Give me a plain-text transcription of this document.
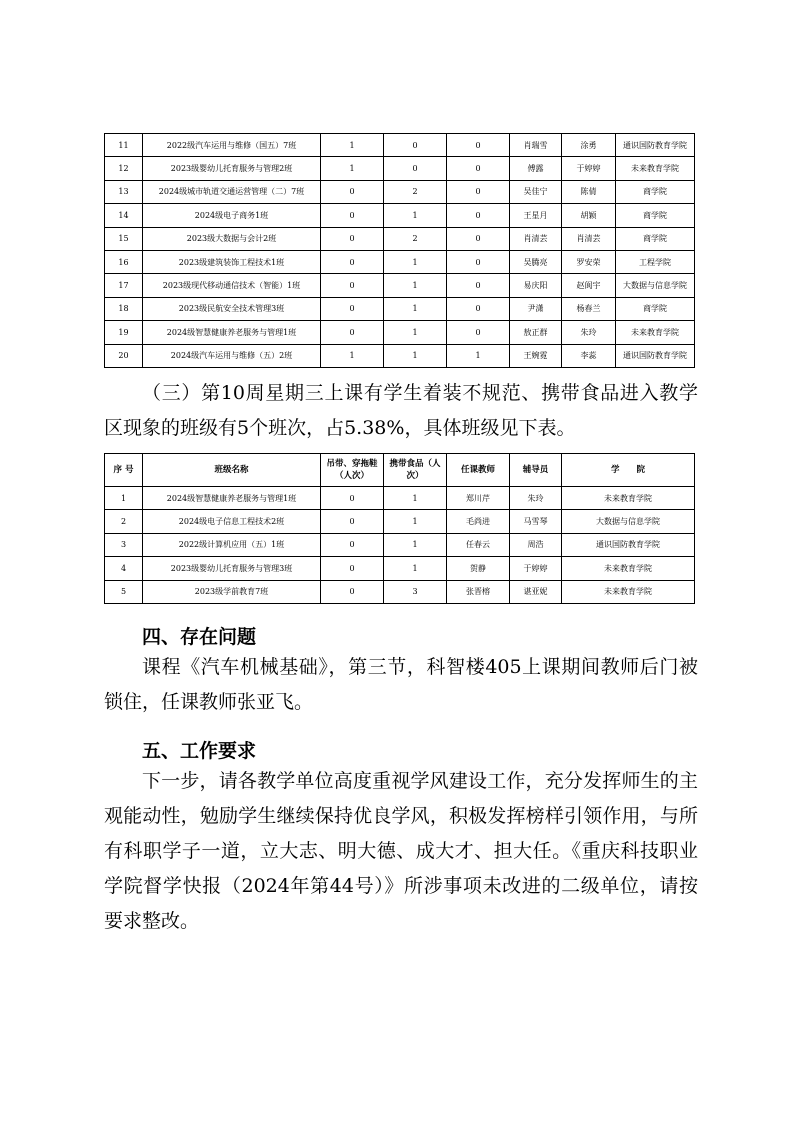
11	2022级汽车运用与维修（国五）7班	1	0	0	肖瑞雪	涂勇	通识国防教育学院
12	2023级婴幼儿托育服务与管理2班	1	0	0	傅露	于婷婷	未来教育学院
13	2024级城市轨道交通运营管理（二）7班	0	2	0	吴佳宁	陈倩	商学院
14	2024级电子商务1班	0	1	0	王星月	胡颖	商学院
15	2023级大数据与会计2班	0	2	0	肖清芸	肖清芸	商学院
16	2023级建筑装饰工程技术1班	0	1	0	吴腾亮	罗安荣	工程学院
17	2023级现代移动通信技术（智能）1班	0	1	0	易庆阳	赵阆宇	大数据与信息学院
18	2023级民航安全技术管理3班	0	1	0	尹潇	杨春兰	商学院
19	2024级智慧健康养老服务与管理1班	0	1	0	敖正群	朱玲	未来教育学院
20	2024级汽车运用与维修（五）2班	1	1	1	王婉霓	李蕊	通识国防教育学院

（三）第10周星期三上课有学生着装不规范、携带食品进入教学区现象的班级有5个班次，占5.38%，具体班级见下表。

序 号	班级名称	吊带、穿拖鞋（人次）	携带食品（人次）	任课教师	辅导员	学　　院
1	2024级智慧健康养老服务与管理1班	0	1	郑川芹	朱玲	未来教育学院
2	2024级电子信息工程技术2班	0	1	毛尚进	马雪琴	大数据与信息学院
3	2022级计算机应用（五）1班	0	1	任春云	周浩	通识国防教育学院
4	2023级婴幼儿托育服务与管理3班	0	1	贺静	于婷婷	未来教育学院
5	2023级学前教育7班	0	3	张晋榕	谌亚妮	未来教育学院

四、存在问题

课程《汽车机械基础》，第三节，科智楼405上课期间教师后门被锁住，任课教师张亚飞。

五、工作要求

下一步，请各教学单位高度重视学风建设工作，充分发挥师生的主观能动性，勉励学生继续保持优良学风，积极发挥榜样引领作用，与所有科职学子一道，立大志、明大德、成大才、担大任。《重庆科技职业学院督学快报（2024年第44号）》所涉事项未改进的二级单位，请按要求整改。
